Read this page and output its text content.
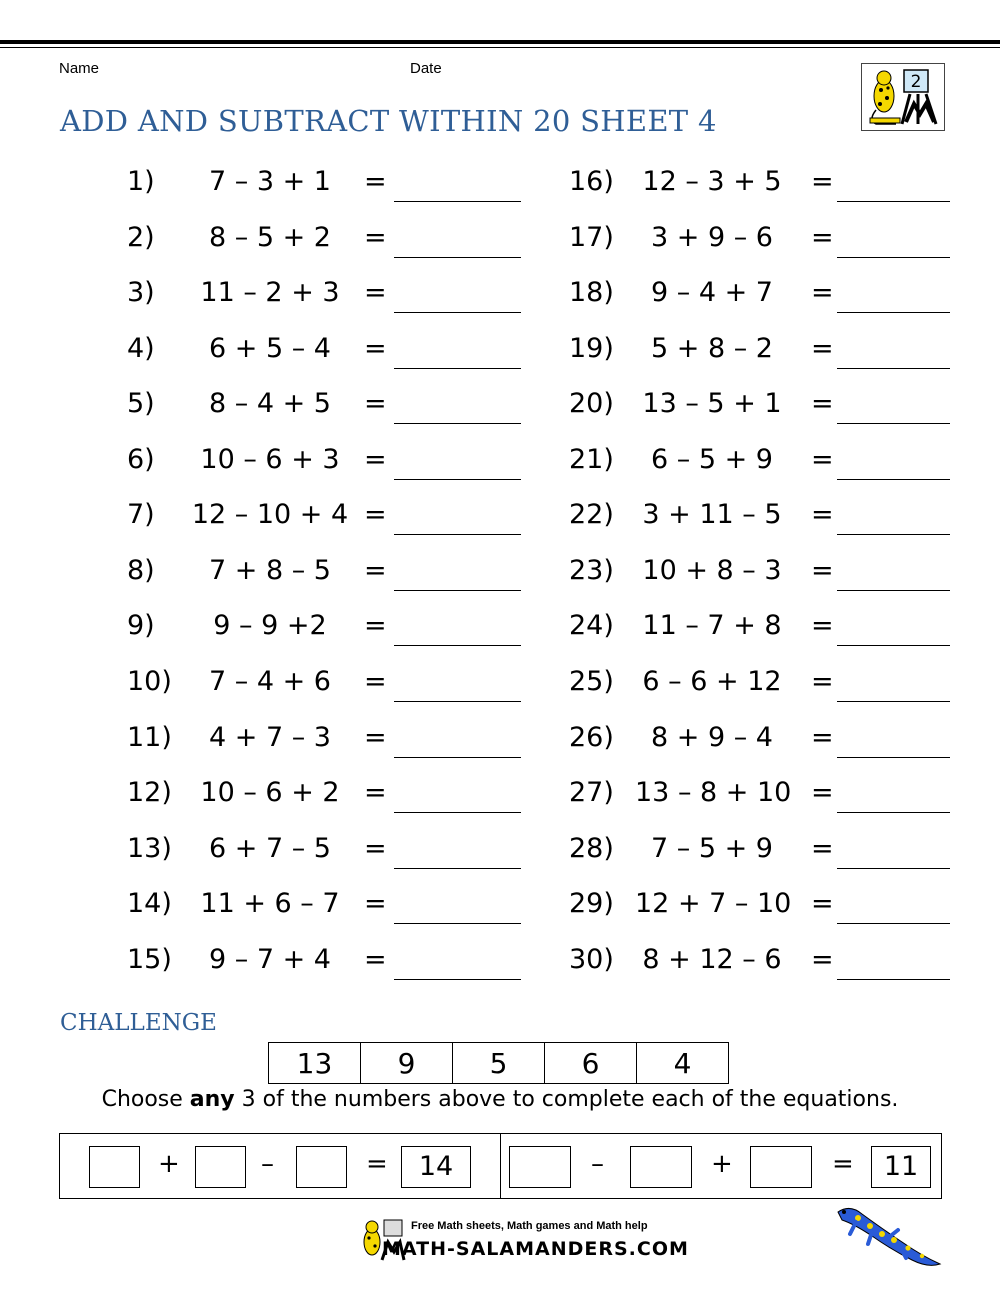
Name	Date
ADD AND SUBTRACT WITHIN 20 SHEET 4
2
1)	7 – 3 + 1	=
2)	8 – 5 + 2	=
3)	11 – 2 + 3 =
4)	6 + 5 – 4	=
5)	8 – 4 + 5	=
6)	10 – 6 + 3 =
7) 12 – 10 + 4 =
8)	7 + 8 – 5	=
9)	9 – 9 +2	=
10)	7 – 4 + 6	=
11)	4 + 7 – 3	=
12)	10 – 6 + 2 =
13)	6 + 7 – 5	=
14)	11 + 6 – 7 =
15)	9 – 7 + 4	=
16) 12 – 3 + 5 =
17)	3 + 9 – 6	=
18)	9 – 4 + 7	=
19)	5 + 8 – 2	=
20) 13 – 5 + 1 =
21)	6 – 5 + 9	=
22) 3 + 11 – 5 =
23) 10 + 8 – 3 =
24) 11 – 7 + 8 =
25) 6 – 6 + 12 =
26)	8 + 9 – 4	=
27) 13 – 8 + 10 =
28)	7 – 5 + 9	=
29) 12 + 7 – 10 =
30) 8 + 12 – 6 =
CHALLENGE
13	9	5	6	4
Choose any 3 of the numbers above to complete each of the equations.
+	–	=	14	–	+	=	11
Free Math sheets, Math games and Math help
MATH-SALAMANDERS.COM
